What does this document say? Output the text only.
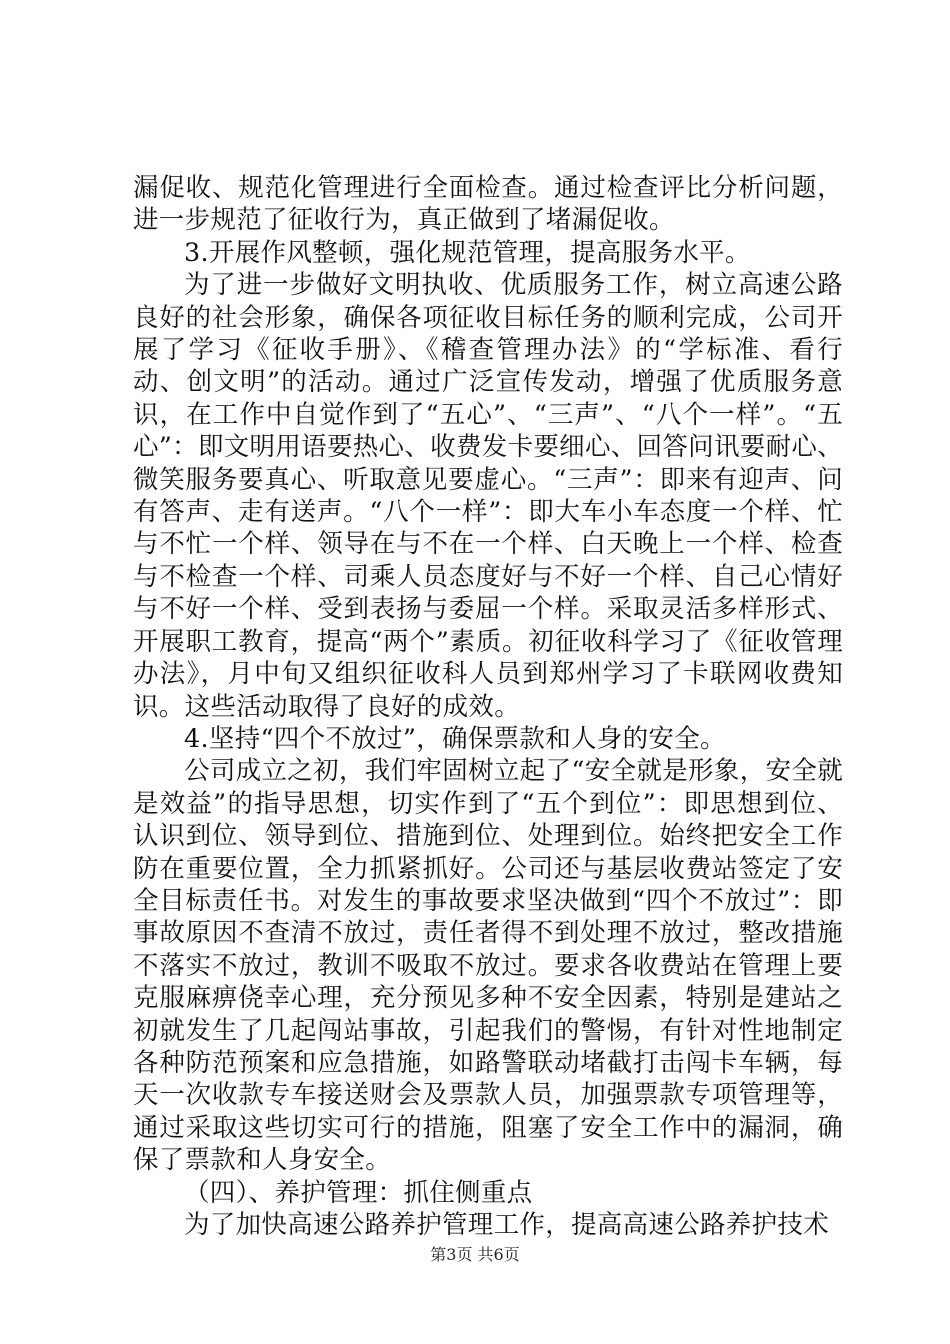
漏促收、规范化管理进行全面检查。通过检查评比分析问题，进一步规范了征收行为，真正做到了堵漏促收。

3.开展作风整顿，强化规范管理，提高服务水平。

为了进一步做好文明执收、优质服务工作，树立高速公路良好的社会形象，确保各项征收目标任务的顺利完成，公司开展了学习《征收手册》、《稽查管理办法》的“学标准、看行动、创文明”的活动。通过广泛宣传发动，增强了优质服务意识，在工作中自觉作到了“五心”、“三声”、“八个一样”。“五心”：即文明用语要热心、收费发卡要细心、回答问讯要耐心、微笑服务要真心、听取意见要虚心。“三声”：即来有迎声、问有答声、走有送声。“八个一样”：即大车小车态度一个样、忙与不忙一个样、领导在与不在一个样、白天晚上一个样、检查与不检查一个样、司乘人员态度好与不好一个样、自己心情好与不好一个样、受到表扬与委屈一个样。采取灵活多样形式、开展职工教育，提高“两个”素质。初征收科学习了《征收管理办法》，月中旬又组织征收科人员到郑州学习了卡联网收费知识。这些活动取得了良好的成效。

4.坚持“四个不放过”，确保票款和人身的安全。

公司成立之初，我们牢固树立起了“安全就是形象，安全就是效益”的指导思想，切实作到了“五个到位”：即思想到位、认识到位、领导到位、措施到位、处理到位。始终把安全工作防在重要位置，全力抓紧抓好。公司还与基层收费站签定了安全目标责任书。对发生的事故要求坚决做到“四个不放过”：即事故原因不查清不放过，责任者得不到处理不放过，整改措施不落实不放过，教训不吸取不放过。要求各收费站在管理上要克服麻痹侥幸心理，充分预见多种不安全因素，特别是建站之初就发生了几起闯站事故，引起我们的警惕，有针对性地制定各种防范预案和应急措施，如路警联动堵截打击闯卡车辆，每天一次收款专车接送财会及票款人员，加强票款专项管理等，通过采取这些切实可行的措施，阻塞了安全工作中的漏洞，确保了票款和人身安全。

（四）、养护管理：抓住侧重点

为了加快高速公路养护管理工作，提高高速公路养护技术

第3页 共6页
